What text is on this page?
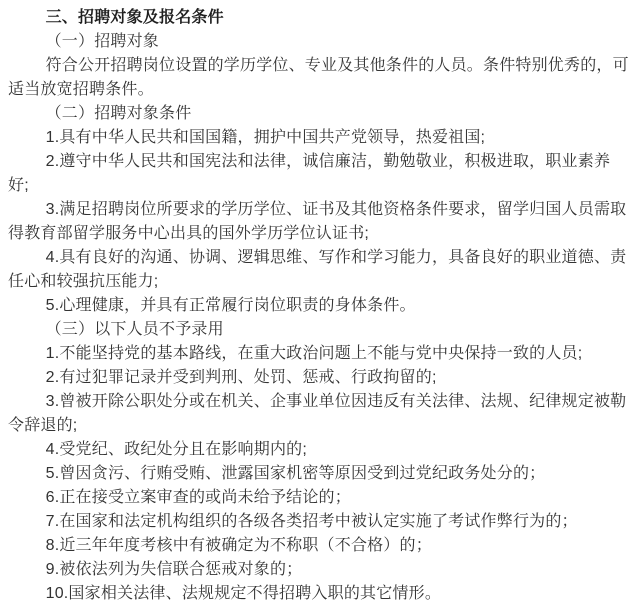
三、招聘对象及报名条件

（一）招聘对象

符合公开招聘岗位设置的学历学位、专业及其他条件的人员。条件特别优秀的，可适当放宽招聘条件。

（二）招聘对象条件

1.具有中华人民共和国国籍，拥护中国共产党领导，热爱祖国;

2.遵守中华人民共和国宪法和法律，诚信廉洁，勤勉敬业，积极进取，职业素养好;

3.满足招聘岗位所要求的学历学位、证书及其他资格条件要求，留学归国人员需取得教育部留学服务中心出具的国外学历学位认证书;

4.具有良好的沟通、协调、逻辑思维、写作和学习能力，具备良好的职业道德、责任心和较强抗压能力;

5.心理健康，并具有正常履行岗位职责的身体条件。

（三）以下人员不予录用

1.不能坚持党的基本路线，在重大政治问题上不能与党中央保持一致的人员;

2.有过犯罪记录并受到判刑、处罚、惩戒、行政拘留的;

3.曾被开除公职处分或在机关、企事业单位因违反有关法律、法规、纪律规定被勒令辞退的;

4.受党纪、政纪处分且在影响期内的;

5.曾因贪污、行贿受贿、泄露国家机密等原因受到过党纪政务处分的；

6.正在接受立案审查的或尚未给予结论的；

7.在国家和法定机构组织的各级各类招考中被认定实施了考试作弊行为的；

8.近三年年度考核中有被确定为不称职（不合格）的；

9.被依法列为失信联合惩戒对象的；

10.国家相关法律、法规规定不得招聘入职的其它情形。
